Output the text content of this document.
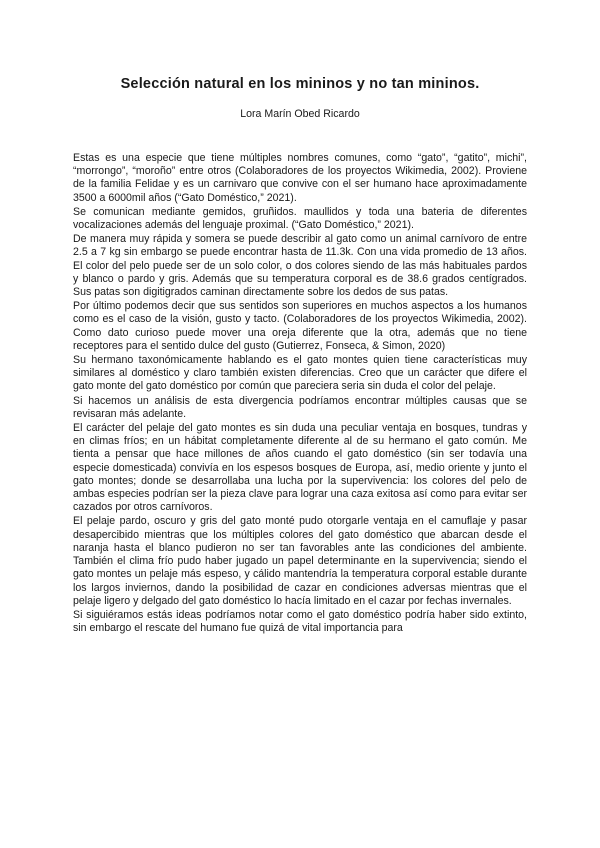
Selección natural en los mininos y no tan mininos.
Lora Marín Obed Ricardo

Estas es una especie que tiene múltiples nombres comunes, como “gato”, “gatito”, michi”, “morrongo”, “moroño” entre otros (Colaboradores de los proyectos Wikimedia, 2002). Proviene de la familia Felidae y es un carnivaro que convive con el ser humano hace aproximadamente 3500 a 6000mil años (“Gato Doméstico,” 2021).

Se comunican mediante gemidos, gruñidos. maullidos y toda una bateria de diferentes vocalizaciones además del lenguaje proximal. (“Gato Doméstico,” 2021).

De manera muy rápida y somera se puede describir al gato como un animal carnívoro de entre 2.5 a 7 kg sin embargo se puede encontrar hasta de 11.3k. Con una vida promedio de 13 años. El color del pelo puede ser de un solo color, o dos colores siendo de las más habituales pardos y blanco o pardo y gris. Además que su temperatura corporal es de 38.6 grados centígrados. Sus patas son digitigrados caminan directamente sobre los dedos de sus patas.

Por último podemos decir que sus sentidos son superiores en muchos aspectos a los humanos como es el caso de la visión, gusto y tacto. (Colaboradores de los proyectos Wikimedia, 2002). Como dato curioso puede mover una oreja diferente que la otra, además que no tiene receptores para el sentido dulce del gusto (Gutierrez, Fonseca, & Simon, 2020)

Su hermano taxonómicamente hablando es el gato montes quien tiene características muy similares al doméstico y claro también existen diferencias. Creo que un carácter que difere el gato monte del gato doméstico por común que pareciera seria sin duda el color del pelaje.

Si hacemos un análisis de esta divergencia podríamos encontrar múltiples causas que se revisaran más adelante.

El carácter del pelaje del gato montes es sin duda una peculiar ventaja en bosques, tundras y en climas fríos; en un hábitat completamente diferente al de su hermano el gato común. Me tienta a pensar que hace millones de años cuando el gato doméstico (sin ser todavía una especie domesticada) convivía en los espesos bosques de Europa, así, medio oriente y junto el gato montes; donde se desarrollaba una lucha por la supervivencia: los colores del pelo de ambas especies podrían ser la pieza clave para lograr una caza exitosa así como para evitar ser cazados por otros carnívoros.

El pelaje pardo, oscuro y gris del gato monté pudo otorgarle ventaja en el camuflaje y pasar desapercibido mientras que los múltiples colores del gato doméstico que abarcan desde el naranja hasta el blanco pudieron no ser tan favorables ante las condiciones del ambiente. También el clima frío pudo haber jugado un papel determinante en la supervivencia; siendo el gato montes un pelaje más espeso, y cálido mantendría la temperatura corporal estable durante los largos inviernos, dando la posibilidad de cazar en condiciones adversas mientras que el pelaje ligero y delgado del gato doméstico lo hacía limitado en el cazar por fechas invernales.

Si siguiéramos estás ideas podríamos notar como el gato doméstico podría haber sido extinto, sin embargo el rescate del humano fue quizá de vital importancia para
